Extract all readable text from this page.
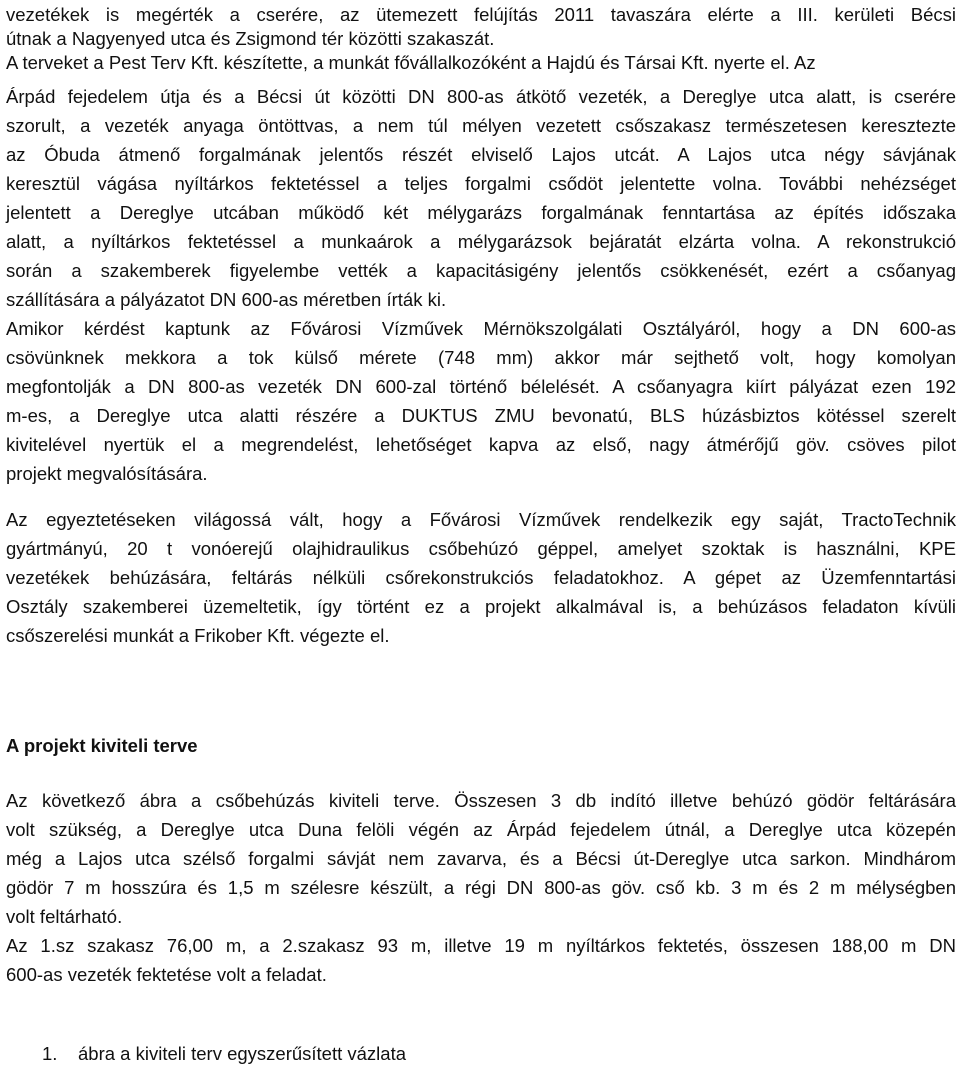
vezetékek is megérték a cserére, az ütemezett felújítás 2011 tavaszára elérte a III. kerületi Bécsi
útnak a Nagyenyed utca és Zsigmond tér közötti szakaszát.
A terveket a Pest Terv Kft. készítette, a munkát fővállalkozóként a Hajdú és Társai Kft. nyerte el. Az
Árpád fejedelem útja és a Bécsi út közötti DN 800-as átkötő vezeték, a Dereglye utca alatt, is cserére
szorult, a vezeték anyaga öntöttvas, a nem túl mélyen vezetett csőszakasz természetesen keresztezte
az Óbuda átmenő forgalmának jelentős részét elviselő Lajos utcát. A Lajos utca négy sávjának
keresztül vágása nyíltárkos fektetéssel a teljes forgalmi csődöt jelentette volna. További nehézséget
jelentett a Dereglye utcában működő két mélygarázs forgalmának fenntartása az építés időszaka
alatt, a nyíltárkos fektetéssel a munkaárok a mélygarázsok bejáratát elzárta volna. A rekonstrukció
során a szakemberek figyelembe vették a kapacitásigény jelentős csökkenését, ezért a csőanyag
szállítására a pályázatot DN 600-as méretben írták ki.
Amikor kérdést kaptunk az Fővárosi Vízművek Mérnökszolgálati Osztályáról, hogy a DN 600-as
csövünknek mekkora a tok külső mérete (748 mm) akkor már sejthető volt, hogy komolyan
megfontolják a DN 800-as vezeték DN 600-zal történő bélelését. A csőanyagra kiírt pályázat ezen 192
m-es, a Dereglye utca alatti részére a DUKTUS ZMU bevonatú, BLS húzásbiztos kötéssel szerelt
kivitelével nyertük el a megrendelést, lehetőséget kapva az első, nagy átmérőjű göv. csöves pilot
projekt megvalósítására.
Az egyeztetéseken világossá vált, hogy a Fővárosi Vízművek rendelkezik egy saját, TractoTechnik
gyártmányú, 20 t vonóerejű olajhidraulikus csőbehúzó géppel, amelyet szoktak is használni, KPE
vezetékek behúzására, feltárás nélküli csőrekonstrukciós feladatokhoz. A gépet az Üzemfenntartási
Osztály szakemberei üzemeltetik, így történt ez a projekt alkalmával is, a behúzásos feladaton kívüli
csőszerelési munkát a Frikober Kft. végezte el.
A projekt kiviteli terve
Az következő ábra a csőbehúzás kiviteli terve. Összesen 3 db indító illetve behúzó gödör feltárására
volt szükség, a Dereglye utca Duna felöli végén az Árpád fejedelem útnál, a Dereglye utca közepén
még a Lajos utca szélső forgalmi sávját nem zavarva, és a Bécsi út-Dereglye utca sarkon. Mindhárom
gödör 7 m hosszúra és 1,5 m szélesre készült, a régi DN 800-as göv. cső kb. 3 m és 2 m mélységben
volt feltárható.
Az 1.sz szakasz 76,00 m, a 2.szakasz 93 m, illetve 19 m nyíltárkos fektetés, összesen 188,00 m DN
600-as vezeték fektetése volt a feladat.
1. ábra a kiviteli terv egyszerűsített vázlata
